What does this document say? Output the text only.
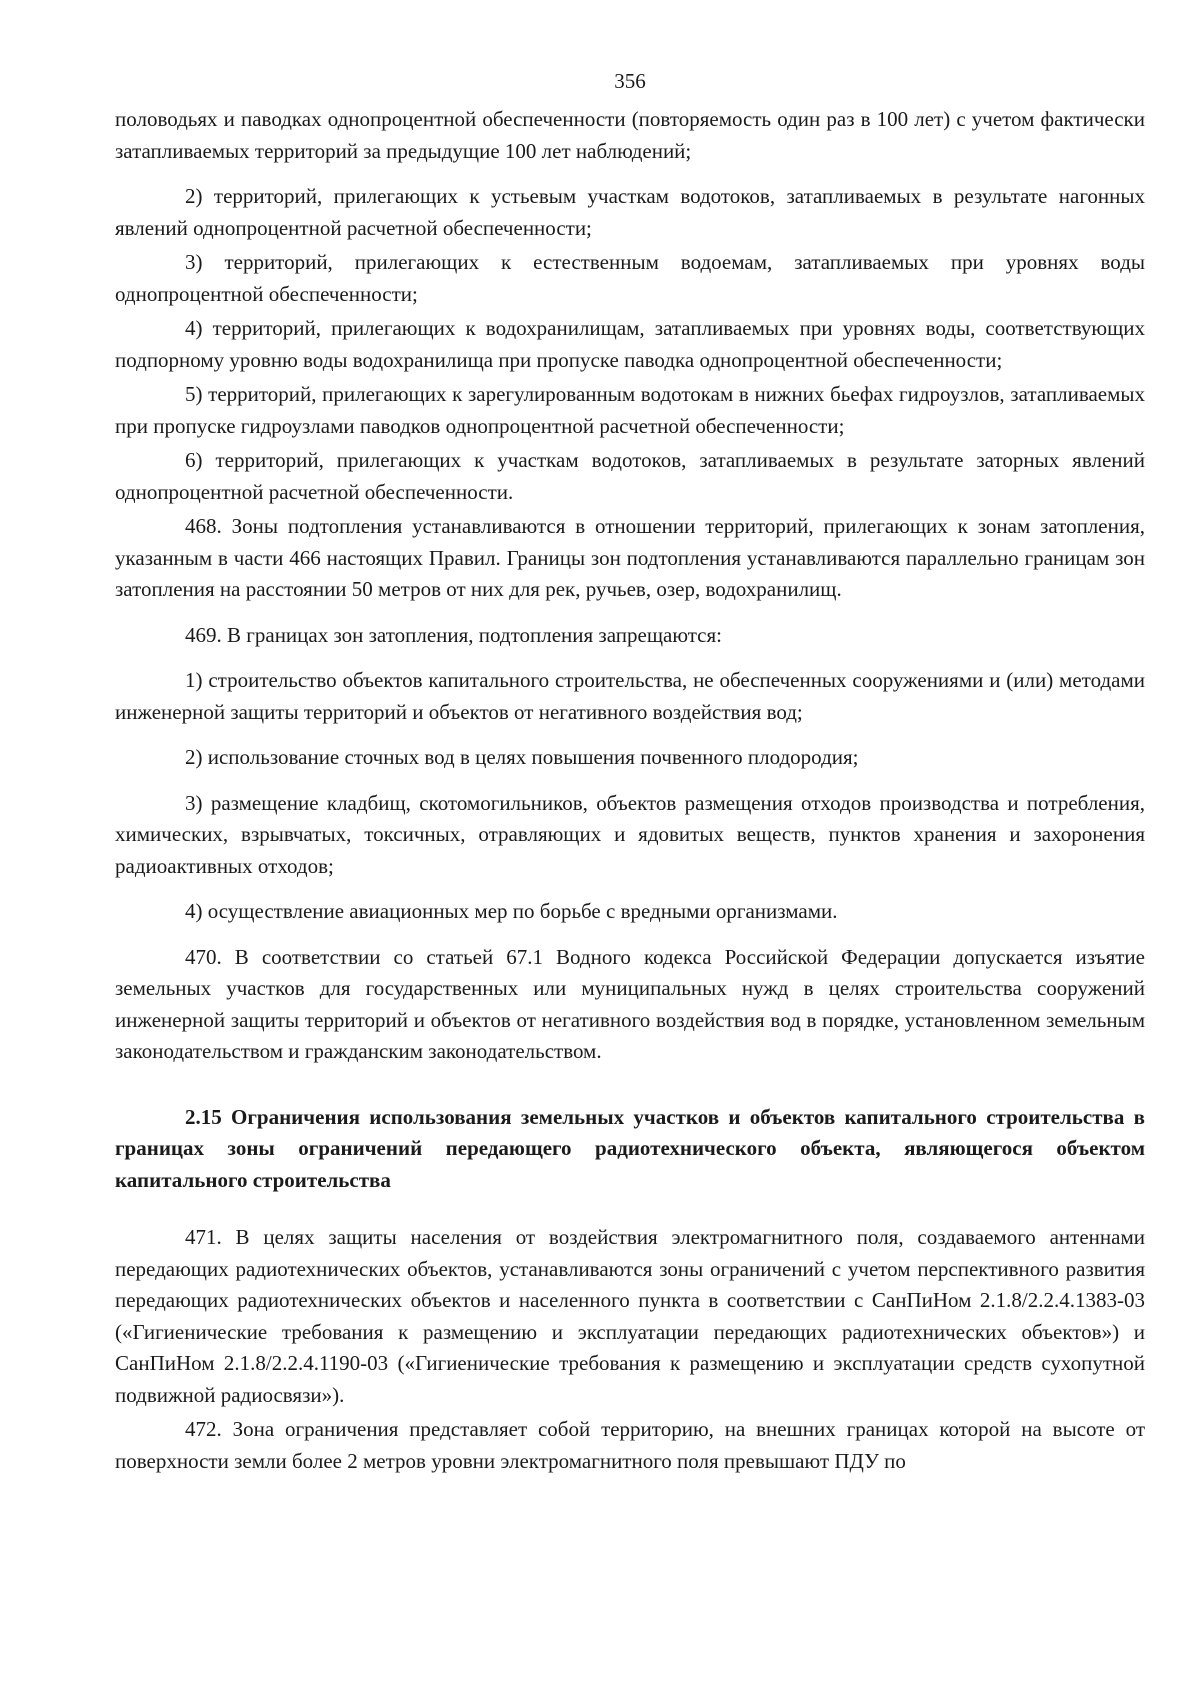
356

половодьях и паводках однопроцентной обеспеченности (повторяемость один раз в 100 лет) с учетом фактически затапливаемых территорий за предыдущие 100 лет наблюдений;

2) территорий, прилегающих к устьевым участкам водотоков, затапливаемых в результате нагонных явлений однопроцентной расчетной обеспеченности;

3) территорий, прилегающих к естественным водоемам, затапливаемых при уровнях воды однопроцентной обеспеченности;

4) территорий, прилегающих к водохранилищам, затапливаемых при уровнях воды, соответствующих подпорному уровню воды водохранилища при пропуске паводка однопроцентной обеспеченности;

5) территорий, прилегающих к зарегулированным водотокам в нижних бьефах гидроузлов, затапливаемых при пропуске гидроузлами паводков однопроцентной расчетной обеспеченности;

6) территорий, прилегающих к участкам водотоков, затапливаемых в результате заторных явлений однопроцентной расчетной обеспеченности.

468. Зоны подтопления устанавливаются в отношении территорий, прилегающих к зонам затопления, указанным в части 466 настоящих Правил. Границы зон подтопления устанавливаются параллельно границам зон затопления на расстоянии 50 метров от них для рек, ручьев, озер, водохранилищ.

469. В границах зон затопления, подтопления запрещаются:

1) строительство объектов капитального строительства, не обеспеченных сооружениями и (или) методами инженерной защиты территорий и объектов от негативного воздействия вод;

2) использование сточных вод в целях повышения почвенного плодородия;

3) размещение кладбищ, скотомогильников, объектов размещения отходов производства и потребления, химических, взрывчатых, токсичных, отравляющих и ядовитых веществ, пунктов хранения и захоронения радиоактивных отходов;

4) осуществление авиационных мер по борьбе с вредными организмами.

470. В соответствии со статьей 67.1 Водного кодекса Российской Федерации допускается изъятие земельных участков для государственных или муниципальных нужд в целях строительства сооружений инженерной защиты территорий и объектов от негативного воздействия вод в порядке, установленном земельным законодательством и гражданским законодательством.

2.15 Ограничения использования земельных участков и объектов капитального строительства в границах зоны ограничений передающего радиотехнического объекта, являющегося объектом капитального строительства

471. В целях защиты населения от воздействия электромагнитного поля, создаваемого антеннами передающих радиотехнических объектов, устанавливаются зоны ограничений с учетом перспективного развития передающих радиотехнических объектов и населенного пункта в соответствии с СанПиНом 2.1.8/2.2.4.1383-03 («Гигиенические требования к размещению и эксплуатации передающих радиотехнических объектов») и СанПиНом 2.1.8/2.2.4.1190-03 («Гигиенические требования к размещению и эксплуатации средств сухопутной подвижной радиосвязи»).

472. Зона ограничения представляет собой территорию, на внешних границах которой на высоте от поверхности земли более 2 метров уровни электромагнитного поля превышают ПДУ по
